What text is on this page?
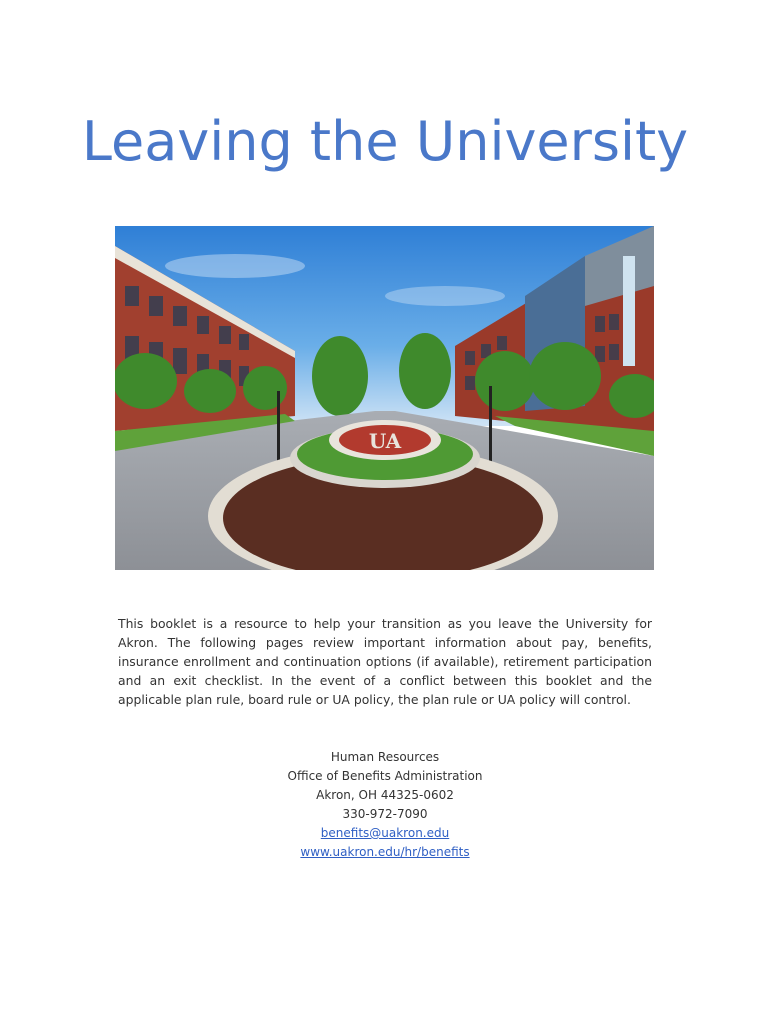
Leaving the University
UA

This booklet is a resource to help your transition as you leave the University for Akron. The following pages review important information about pay, benefits, insurance enrollment and continuation options (if available), retirement participation and an exit checklist. In the event of a conflict between this booklet and the applicable plan rule, board rule or UA policy, the plan rule or UA policy will control.

Human Resources
Office of Benefits Administration
Akron, OH 44325-0602
330-972-7090
benefits@uakron.edu
www.uakron.edu/hr/benefits
